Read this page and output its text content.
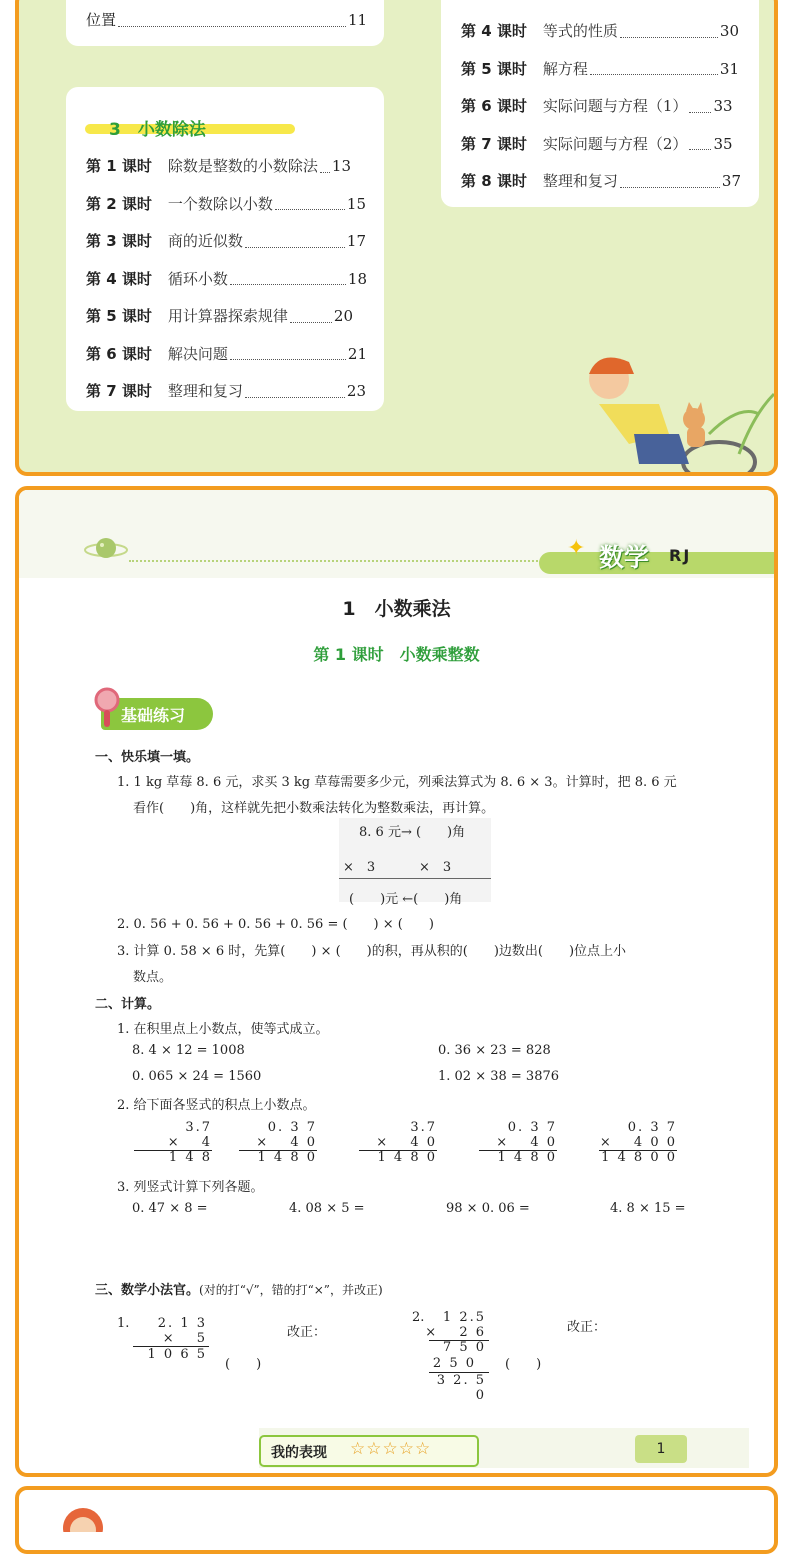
位置	11
3　小数除法
第 1 课时 除数是整数的小数除法 13
第 2 课时 一个数除以小数	15
第 3 课时 商的近似数	17
第 4 课时 循环小数	18
第 5 课时 用计算器探索规律	20
第 6 课时 解决问题	21
第 7 课时 整理和复习	23
第 4 课时 等式的性质	30
第 5 课时 解方程	31
第 6 课时 实际问题与方程（1） 33
第 7 课时 实际问题与方程（2） 35
第 8 课时 整理和复习	37
✦ 数学 RJ
1　小数乘法
第 1 课时　小数乘整数
基础练习
一、快乐填一填。
1. 1 kg 草莓 8. 6 元，求买 3 kg 草莓需要多少元，列乘法算式为 8. 6 × 3。计算时，把 8. 6 元
看作(　　)角，这样就先把小数乘法转化为整数乘法，再计算。
8. 6 元→ (　　)角
×　3	×　3
(　　)元 ←(　　)角
2. 0. 56 + 0. 56 + 0. 56 + 0. 56 = (　　) × (　　)
3. 计算 0. 58 × 6 时，先算(　　) × (　　)的积，再从积的(　　)边数出(　　)位点上小
数点。
二、计算。
1. 在积里点上小数点，使等式成立。
8. 4 × 12 = 1008	0. 36 × 23 = 828
0. 065 × 24 = 1560	1. 02 × 38 = 3876
2. 给下面各竖式的积点上小数点。
3.7
×　 4
1 4 8
0. 3 7
×　 4 0
1 4 8 0
3.7
×　 4 0
1 4 8 0
0. 3 7
×　 4 0
1 4 8 0
0. 3 7
×　 4 0 0
1 4 8 0 0
3. 列竖式计算下列各题。
0. 47 × 8 =	4. 08 × 5 =	98 × 0. 06 =	4. 8 × 15 =
三、数学小法官。(对的打“√”，错的打“×”，并改正)
1.	2. 1 3
×　 5
1 0 6 5
(　　)
改正：
2.	1 2.5
× 　2 6
7 5 0
2 5 0
3 2. 5 0
(　　)
改正：
我的表现 ☆☆☆☆☆	1
